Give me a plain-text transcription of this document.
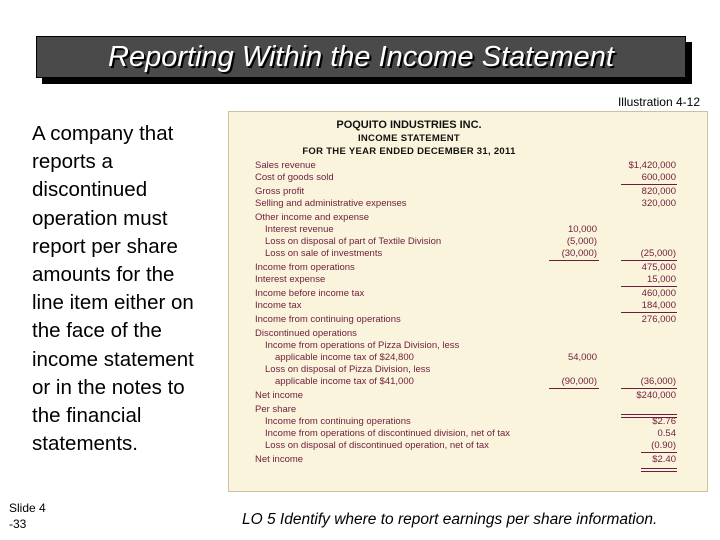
Reporting Within the Income Statement
Illustration 4-12
A company that
reports a
discontinued
operation must
report per share
amounts for the
line item either on
the face of the
income statement
or in the notes to
the financial
statements.
Slide 4
-33	LO 5 Identify where to report earnings per share information.
POQUITO INDUSTRIES INC.
INCOME STATEMENT
FOR THE YEAR ENDED DECEMBER 31, 2011
Sales revenue	$1,420,000
Cost of goods sold	600,000
Gross profit	820,000
Selling and administrative expenses	320,000
Other income and expense
Interest revenue	10,000
Loss on disposal of part of Textile Division	(5,000)
Loss on sale of investments	(30,000)	(25,000)
Income from operations	475,000
Interest expense	15,000
Income before income tax	460,000
Income tax	184,000
Income from continuing operations	276,000
Discontinued operations
Income from operations of Pizza Division, less
applicable income tax of $24,800	54,000
Loss on disposal of Pizza Division, less
applicable income tax of $41,000	(90,000)	(36,000)
Net income	$240,000
Per share
Income from continuing operations	$2.76
Income from operations of discontinued division, net of tax	0.54
Loss on disposal of discontinued operation, net of tax	(0.90)
Net income	$2.40
